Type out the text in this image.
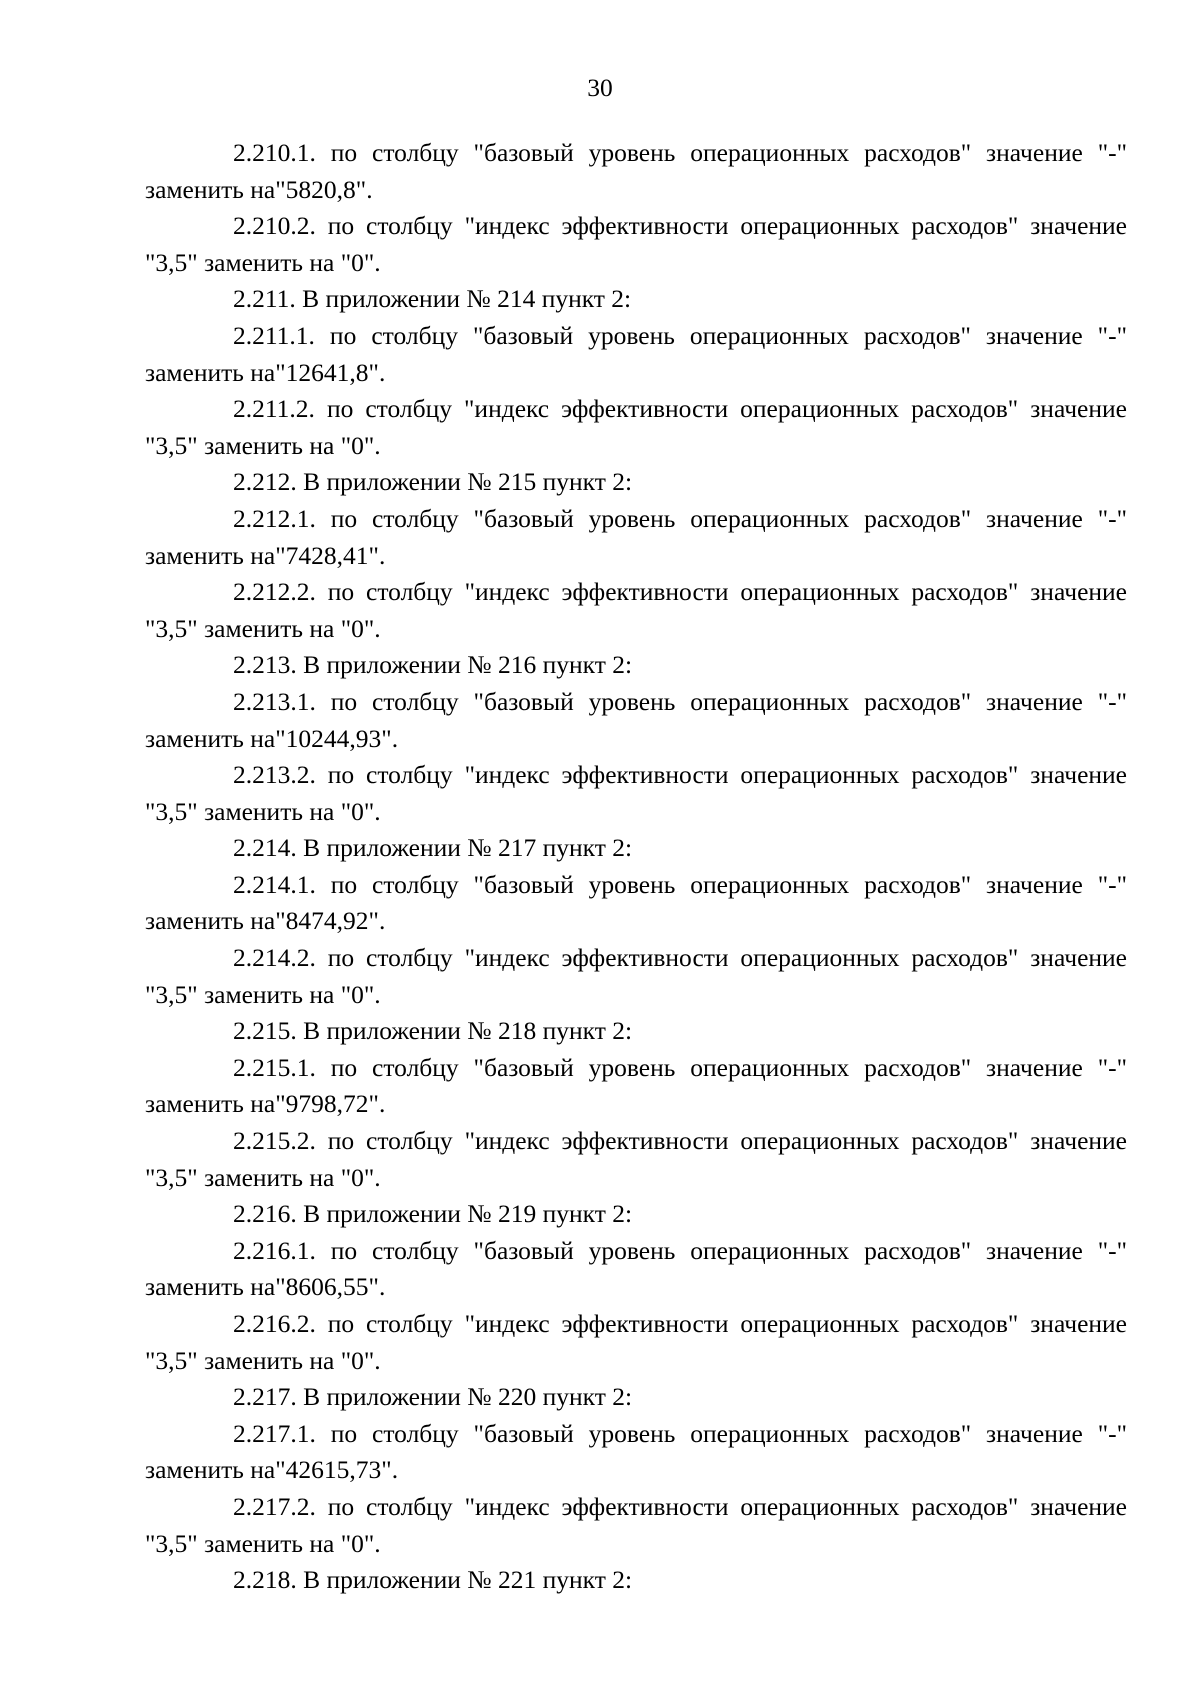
30

2.210.1. по столбцу "базовый уровень операционных расходов" значение "-" заменить на"5820,8".

2.210.2. по столбцу "индекс эффективности операционных расходов" значение "3,5" заменить на "0".

2.211. В приложении № 214 пункт 2:

2.211.1. по столбцу "базовый уровень операционных расходов" значение "-" заменить на"12641,8".

2.211.2. по столбцу "индекс эффективности операционных расходов" значение "3,5" заменить на "0".

2.212. В приложении № 215 пункт 2:

2.212.1. по столбцу "базовый уровень операционных расходов" значение "-" заменить на"7428,41".

2.212.2. по столбцу "индекс эффективности операционных расходов" значение "3,5" заменить на "0".

2.213. В приложении № 216 пункт 2:

2.213.1. по столбцу "базовый уровень операционных расходов" значение "-" заменить на"10244,93".

2.213.2. по столбцу "индекс эффективности операционных расходов" значение "3,5" заменить на "0".

2.214. В приложении № 217 пункт 2:

2.214.1. по столбцу "базовый уровень операционных расходов" значение "-" заменить на"8474,92".

2.214.2. по столбцу "индекс эффективности операционных расходов" значение "3,5" заменить на "0".

2.215. В приложении № 218 пункт 2:

2.215.1. по столбцу "базовый уровень операционных расходов" значение "-" заменить на"9798,72".

2.215.2. по столбцу "индекс эффективности операционных расходов" значение "3,5" заменить на "0".

2.216. В приложении № 219 пункт 2:

2.216.1. по столбцу "базовый уровень операционных расходов" значение "-" заменить на"8606,55".

2.216.2. по столбцу "индекс эффективности операционных расходов" значение "3,5" заменить на "0".

2.217. В приложении № 220 пункт 2:

2.217.1. по столбцу "базовый уровень операционных расходов" значение "-" заменить на"42615,73".

2.217.2. по столбцу "индекс эффективности операционных расходов" значение "3,5" заменить на "0".

2.218. В приложении № 221 пункт 2:
